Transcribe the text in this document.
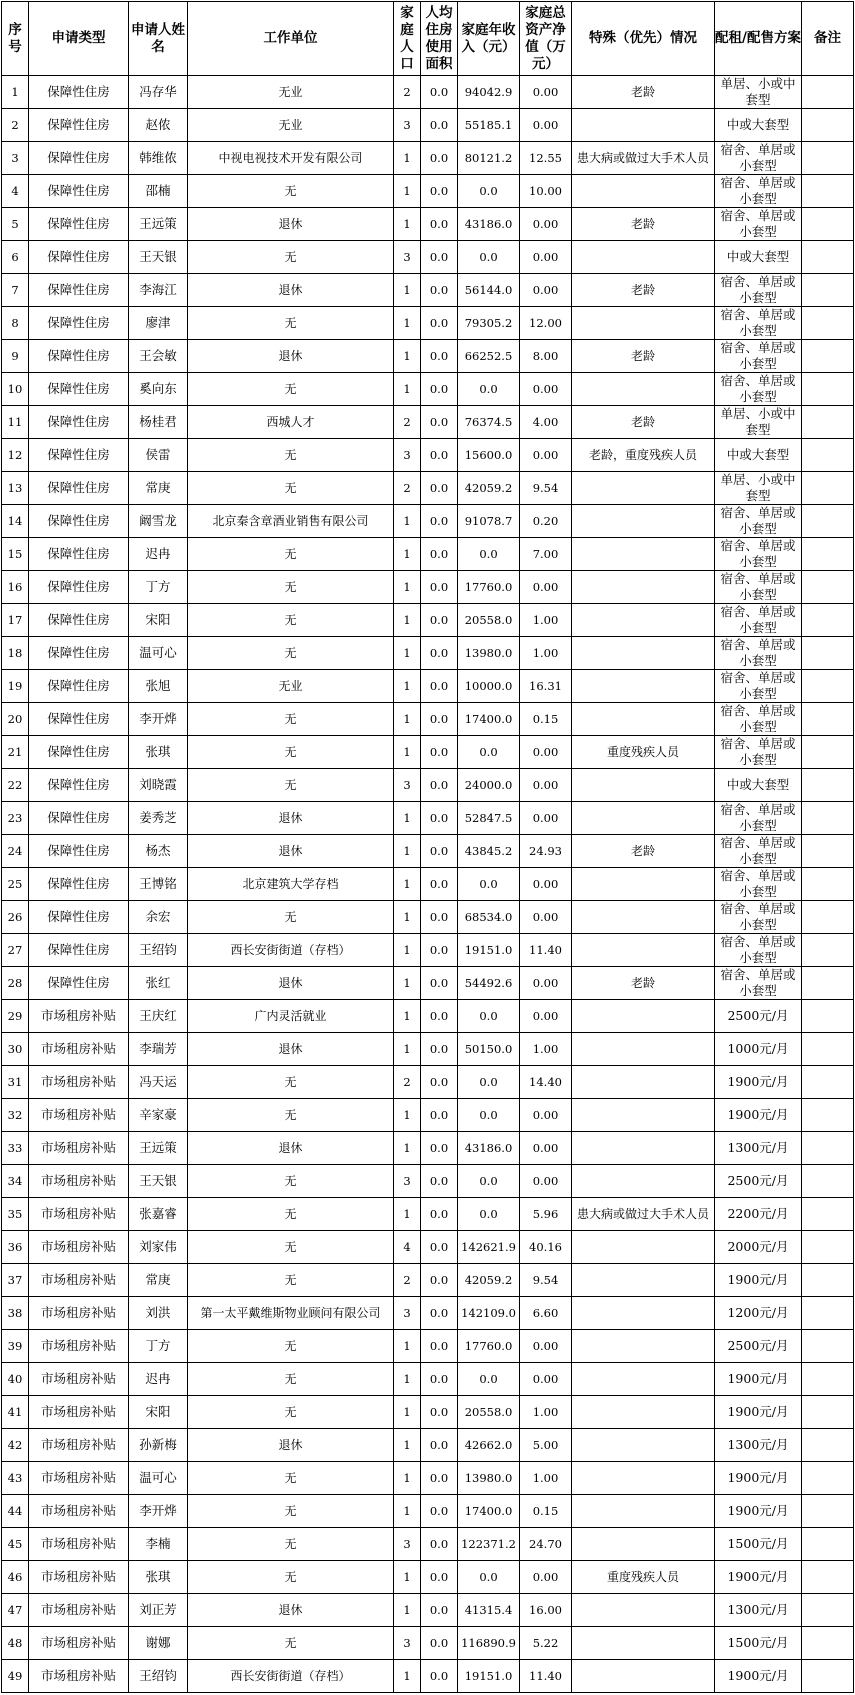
序号	申请类型	申请人姓名	工作单位	家庭人口	人均住房使用面积	家庭年收入（元）	家庭总资产净值（万元）	特殊（优先）情况	配租/配售方案	备注
1	保障性住房	冯存华	无业	2	0.0	94042.9	0.00	老龄	单居、小或中套型	
2	保障性住房	赵侬	无业	3	0.0	55185.1	0.00		中或大套型	
3	保障性住房	韩维侬	中视电视技术开发有限公司	1	0.0	80121.2	12.55	患大病或做过大手术人员	宿舍、单居或小套型	
4	保障性住房	邵楠	无	1	0.0	0.0	10.00		宿舍、单居或小套型	
5	保障性住房	王远策	退休	1	0.0	43186.0	0.00	老龄	宿舍、单居或小套型	
6	保障性住房	王天银	无	3	0.0	0.0	0.00		中或大套型	
7	保障性住房	李海江	退休	1	0.0	56144.0	0.00	老龄	宿舍、单居或小套型	
8	保障性住房	廖津	无	1	0.0	79305.2	12.00		宿舍、单居或小套型	
9	保障性住房	王会敏	退休	1	0.0	66252.5	8.00	老龄	宿舍、单居或小套型	
10	保障性住房	奚向东	无	1	0.0	0.0	0.00		宿舍、单居或小套型	
11	保障性住房	杨桂君	西城人才	2	0.0	76374.5	4.00	老龄	单居、小或中套型	
12	保障性住房	侯雷	无	3	0.0	15600.0	0.00	老龄，重度残疾人员	中或大套型	
13	保障性住房	常庚	无	2	0.0	42059.2	9.54		单居、小或中套型	
14	保障性住房	阚雪龙	北京秦含章酒业销售有限公司	1	0.0	91078.7	0.20		宿舍、单居或小套型	
15	保障性住房	迟冉	无	1	0.0	0.0	7.00		宿舍、单居或小套型	
16	保障性住房	丁方	无	1	0.0	17760.0	0.00		宿舍、单居或小套型	
17	保障性住房	宋阳	无	1	0.0	20558.0	1.00		宿舍、单居或小套型	
18	保障性住房	温可心	无	1	0.0	13980.0	1.00		宿舍、单居或小套型	
19	保障性住房	张旭	无业	1	0.0	10000.0	16.31		宿舍、单居或小套型	
20	保障性住房	李开烨	无	1	0.0	17400.0	0.15		宿舍、单居或小套型	
21	保障性住房	张琪	无	1	0.0	0.0	0.00	重度残疾人员	宿舍、单居或小套型	
22	保障性住房	刘晓霞	无	3	0.0	24000.0	0.00		中或大套型	
23	保障性住房	姜秀芝	退休	1	0.0	52847.5	0.00		宿舍、单居或小套型	
24	保障性住房	杨杰	退休	1	0.0	43845.2	24.93	老龄	宿舍、单居或小套型	
25	保障性住房	王博铭	北京建筑大学存档	1	0.0	0.0	0.00		宿舍、单居或小套型	
26	保障性住房	余宏	无	1	0.0	68534.0	0.00		宿舍、单居或小套型	
27	保障性住房	王绍钧	西长安街街道（存档）	1	0.0	19151.0	11.40		宿舍、单居或小套型	
28	保障性住房	张红	退休	1	0.0	54492.6	0.00	老龄	宿舍、单居或小套型	
29	市场租房补贴	王庆红	广内灵活就业	1	0.0	0.0	0.00		2500元/月	
30	市场租房补贴	李瑞芳	退休	1	0.0	50150.0	1.00		1000元/月	
31	市场租房补贴	冯天运	无	2	0.0	0.0	14.40		1900元/月	
32	市场租房补贴	辛家豪	无	1	0.0	0.0	0.00		1900元/月	
33	市场租房补贴	王远策	退休	1	0.0	43186.0	0.00		1300元/月	
34	市场租房补贴	王天银	无	3	0.0	0.0	0.00		2500元/月	
35	市场租房补贴	张嘉睿	无	1	0.0	0.0	5.96	患大病或做过大手术人员	2200元/月	
36	市场租房补贴	刘家伟	无	4	0.0	142621.9	40.16		2000元/月	
37	市场租房补贴	常庚	无	2	0.0	42059.2	9.54		1900元/月	
38	市场租房补贴	刘洪	第一太平戴维斯物业顾问有限公司	3	0.0	142109.0	6.60		1200元/月	
39	市场租房补贴	丁方	无	1	0.0	17760.0	0.00		2500元/月	
40	市场租房补贴	迟冉	无	1	0.0	0.0	0.00		1900元/月	
41	市场租房补贴	宋阳	无	1	0.0	20558.0	1.00		1900元/月	
42	市场租房补贴	孙新梅	退休	1	0.0	42662.0	5.00		1300元/月	
43	市场租房补贴	温可心	无	1	0.0	13980.0	1.00		1900元/月	
44	市场租房补贴	李开烨	无	1	0.0	17400.0	0.15		1900元/月	
45	市场租房补贴	李楠	无	3	0.0	122371.2	24.70		1500元/月	
46	市场租房补贴	张琪	无	1	0.0	0.0	0.00	重度残疾人员	1900元/月	
47	市场租房补贴	刘正芳	退休	1	0.0	41315.4	16.00		1300元/月	
48	市场租房补贴	谢娜	无	3	0.0	116890.9	5.22		1500元/月	
49	市场租房补贴	王绍钧	西长安街街道（存档）	1	0.0	19151.0	11.40		1900元/月	
